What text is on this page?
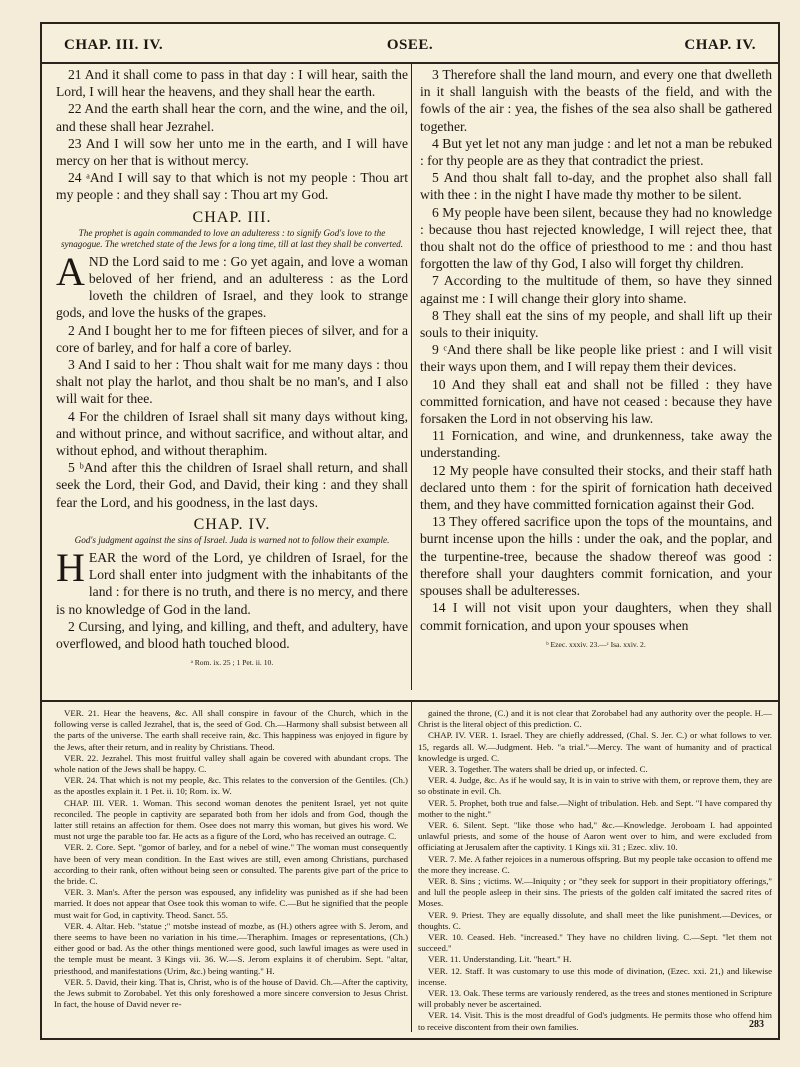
CHAP. III. IV.	OSEE.	CHAP. IV.

21 And it shall come to pass in that day : I will hear, saith the Lord, I will hear the heavens, and they shall hear the earth.

22 And the earth shall hear the corn, and the wine, and the oil, and these shall hear Jezrahel.

23 And I will sow her unto me in the earth, and I will have mercy on her that is without mercy.

24 ᵃAnd I will say to that which is not my people : Thou art my people : and they shall say : Thou art my God.

CHAP. III.
The prophet is again commanded to love an adulteress : to signify God's love to the synagogue. The wretched state of the Jews for a long time, till at last they shall be converted.

AND the Lord said to me : Go yet again, and love a woman beloved of her friend, and an adulteress : as the Lord loveth the children of Israel, and they look to strange gods, and love the husks of the grapes.

2 And I bought her to me for fifteen pieces of silver, and for a core of barley, and for half a core of barley.

3 And I said to her : Thou shalt wait for me many days : thou shalt not play the harlot, and thou shalt be no man's, and I also will wait for thee.

4 For the children of Israel shall sit many days without king, and without prince, and without sacrifice, and without altar, and without ephod, and without theraphim.

5 ᵇAnd after this the children of Israel shall return, and shall seek the Lord, their God, and David, their king : and they shall fear the Lord, and his goodness, in the last days.

CHAP. IV.
God's judgment against the sins of Israel. Juda is warned not to follow their example.

HEAR the word of the Lord, ye children of Israel, for the Lord shall enter into judgment with the inhabitants of the land : for there is no truth, and there is no mercy, and there is no knowledge of God in the land.

2 Cursing, and lying, and killing, and theft, and adultery, have overflowed, and blood hath touched blood.

ᵃ Rom. ix. 25 ; 1 Pet. ii. 10.

3 Therefore shall the land mourn, and every one that dwelleth in it shall languish with the beasts of the field, and with the fowls of the air : yea, the fishes of the sea also shall be gathered together.

4 But yet let not any man judge : and let not a man be rebuked : for thy people are as they that contradict the priest.

5 And thou shalt fall to-day, and the prophet also shall fall with thee : in the night I have made thy mother to be silent.

6 My people have been silent, because they had no knowledge : because thou hast rejected knowledge, I will reject thee, that thou shalt not do the office of priesthood to me : and thou hast forgotten the law of thy God, I also will forget thy children.

7 According to the multitude of them, so have they sinned against me : I will change their glory into shame.

8 They shall eat the sins of my people, and shall lift up their souls to their iniquity.

9 ᶜAnd there shall be like people like priest : and I will visit their ways upon them, and I will repay them their devices.

10 And they shall eat and shall not be filled : they have committed fornication, and have not ceased : because they have forsaken the Lord in not observing his law.

11 Fornication, and wine, and drunkenness, take away the understanding.

12 My people have consulted their stocks, and their staff hath declared unto them : for the spirit of fornication hath deceived them, and they have committed fornication against their God.

13 They offered sacrifice upon the tops of the mountains, and burnt incense upon the hills : under the oak, and the poplar, and the turpentine-tree, because the shadow thereof was good : therefore shall your daughters commit fornication, and your spouses shall be adulteresses.

14 I will not visit upon your daughters, when they shall commit fornication, and upon your spouses when

ᵇ Ezec. xxxiv. 23.—ᶜ Isa. xxiv. 2.

VER. 21. Hear the heavens, &c. All shall conspire in favour of the Church, which in the following verse is called Jezrahel, that is, the seed of God. Ch.—Harmony shall subsist between all the parts of the universe. The earth shall receive rain, &c. This happiness was enjoyed in figure by the Jews, after their return, and in reality by Christians. Theod.

VER. 22. Jezrahel. This most fruitful valley shall again be covered with abundant crops. The whole nation of the Jews shall be happy. C.

VER. 24. That which is not my people, &c. This relates to the conversion of the Gentiles. (Ch.) as the apostles explain it. 1 Pet. ii. 10; Rom. ix. W.

CHAP. III. VER. 1. Woman. This second woman denotes the penitent Israel, yet not quite reconciled. The people in captivity are separated both from her idols and from God, though the latter still retains an affection for them. Osee does not marry this woman, but gives his word. We must not urge the parable too far. He acts as a figure of the Lord, who has received an outrage. C.

VER. 2. Core. Sept. "gomor of barley, and for a nebel of wine." The woman must consequently have been of very mean condition. In the East wives are still, even among Christians, purchased according to their rank, often without being seen or consulted. The parents give part of the price to the bride. C.

VER. 3. Man's. After the person was espoused, any infidelity was punished as if she had been married. It does not appear that Osee took this woman to wife. C.—But he signified that the people must wait for God, in captivity. Theod. Sanct. 55.

VER. 4. Altar. Heb. "statue ;" motsbe instead of mozbe, as (H.) others agree with S. Jerom, and there seems to have been no variation in his time.—Theraphim. Images or representations, (Ch.) either good or bad. As the other things mentioned were good, such lawful images as were used in the temple must be meant. 3 Kings vii. 36. W.—S. Jerom explains it of cherubim. Sept. "altar, priesthood, and manifestations (Urim, &c.) being wanting." H.

VER. 5. David, their king. That is, Christ, who is of the house of David. Ch.—After the captivity, the Jews submit to Zorobabel. Yet this only foreshowed a more sincere conversion to Jesus Christ. In fact, the house of David never re-

gained the throne, (C.) and it is not clear that Zorobabel had any authority over the people. H.—Christ is the literal object of this prediction. C.

CHAP. IV. VER. 1. Israel. They are chiefly addressed, (Chal. S. Jer. C.) or what follows to ver. 15, regards all. W.—Judgment. Heb. "a trial."—Mercy. The want of humanity and of practical knowledge is urged. C.

VER. 3. Together. The waters shall be dried up, or infected. C.

VER. 4. Judge, &c. As if he would say, It is in vain to strive with them, or reprove them, they are so obstinate in evil. Ch.

VER. 5. Prophet, both true and false.—Night of tribulation. Heb. and Sept. "I have compared thy mother to the night."

VER. 6. Silent. Sept. "like those who had," &c.—Knowledge. Jeroboam I. had appointed unlawful priests, and some of the house of Aaron went over to him, and were excluded from officiating at Jerusalem after the captivity. 1 Kings xii. 31 ; Ezec. xliv. 10.

VER. 7. Me. A father rejoices in a numerous offspring. But my people take occasion to offend me the more they increase. C.

VER. 8. Sins ; victims. W.—Iniquity ; or "they seek for support in their propitiatory offerings," and lull the people asleep in their sins. The priests of the golden calf imitated the sacred rites of Moses.

VER. 9. Priest. They are equally dissolute, and shall meet the like punishment.—Devices, or thoughts. C.

VER. 10. Ceased. Heb. "increased." They have no children living. C.—Sept. "let them not succeed."

VER. 11. Understanding. Lit. "heart." H.

VER. 12. Staff. It was customary to use this mode of divination, (Ezec. xxi. 21,) and likewise incense.

VER. 13. Oak. These terms are variously rendered, as the trees and stones mentioned in Scripture will probably never be ascertained.

VER. 14. Visit. This is the most dreadful of God's judgments. He permits those who offend him to receive discontent from their own families.	283
